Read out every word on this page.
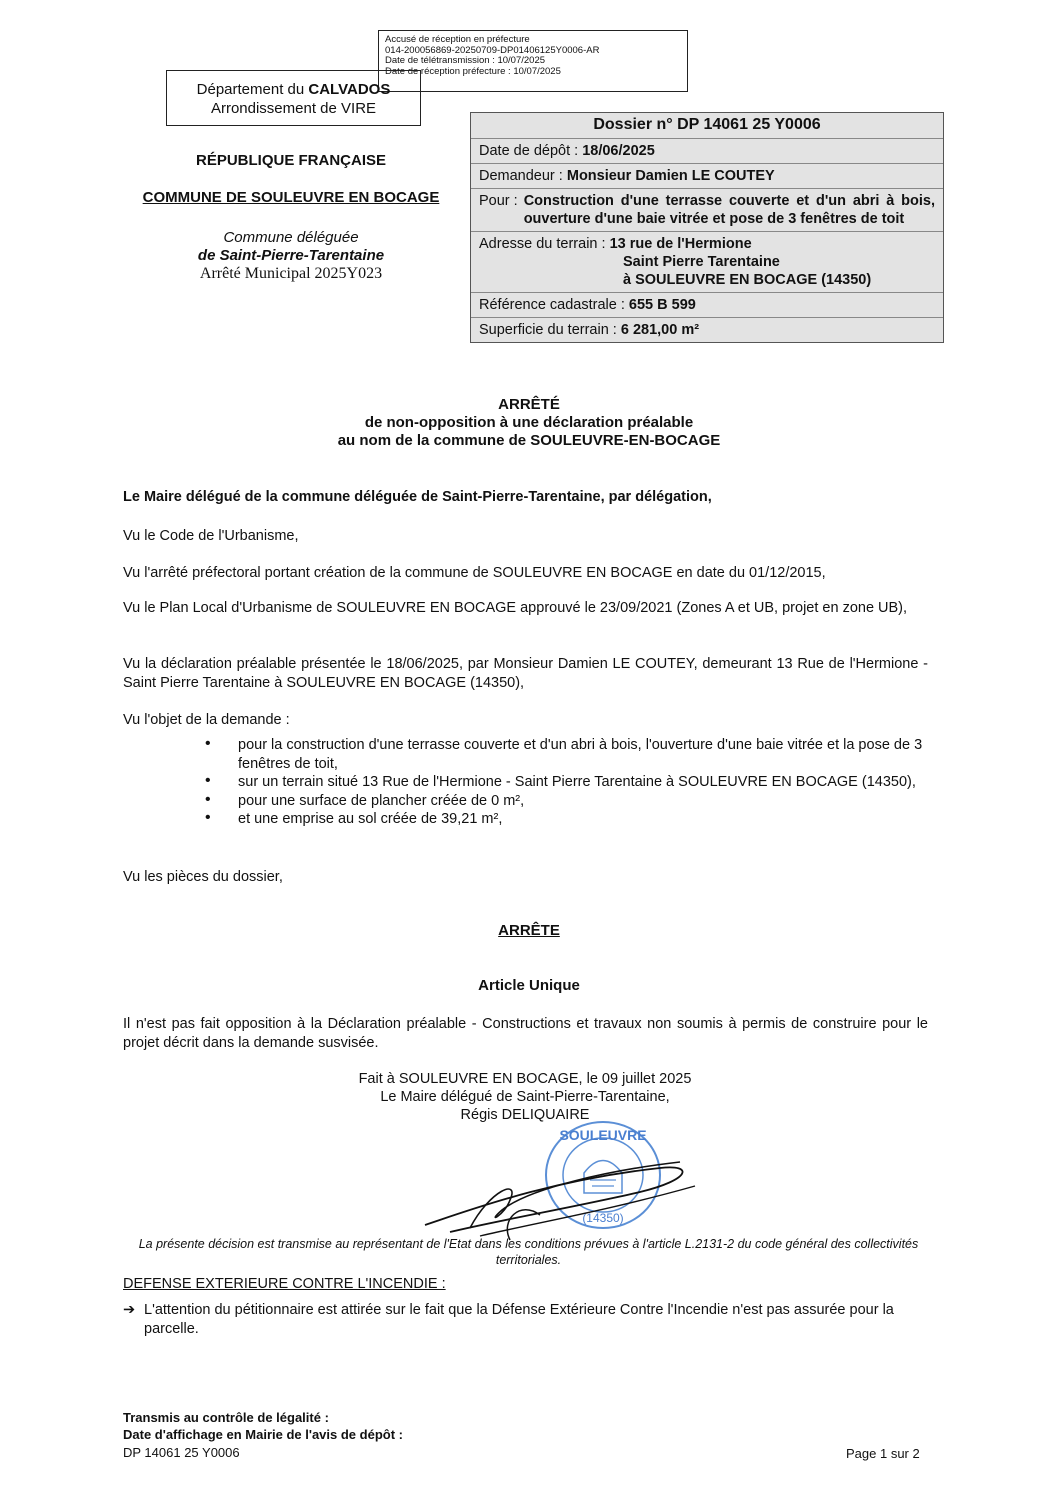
Accusé de réception en préfecture
014-200056869-20250709-DP01406125Y0006-AR
Date de télétransmission : 10/07/2025
Date de réception préfecture : 10/07/2025
Département du CALVADOS
Arrondissement de VIRE
RÉPUBLIQUE FRANÇAISE
COMMUNE DE SOULEUVRE EN BOCAGE
Commune déléguée
de Saint-Pierre-Tarentaine
Arrêté Municipal 2025Y023
Dossier n° DP 14061 25 Y0006
Date de dépôt : 18/06/2025
Demandeur : Monsieur Damien LE COUTEY
Pour : Construction d'une terrasse couverte et d'un abri à bois, ouverture d'une baie vitrée et pose de 3 fenêtres de toit
Adresse du terrain : 13 rue de l'Hermione
Saint Pierre Tarentaine
à SOULEUVRE EN BOCAGE (14350)
Référence cadastrale : 655 B 599
Superficie du terrain : 6 281,00 m²
ARRÊTÉ
de non-opposition à une déclaration préalable
au nom de la commune de SOULEUVRE-EN-BOCAGE
Le Maire délégué de la commune déléguée de Saint-Pierre-Tarentaine, par délégation,
Vu le Code de l'Urbanisme,
Vu l'arrêté préfectoral portant création de la commune de SOULEUVRE EN BOCAGE en date du 01/12/2015,
Vu le Plan Local d'Urbanisme de SOULEUVRE EN BOCAGE approuvé le 23/09/2021 (Zones A et UB, projet en zone UB),
Vu la déclaration préalable présentée le 18/06/2025, par Monsieur Damien LE COUTEY, demeurant 13 Rue de l'Hermione - Saint Pierre Tarentaine à SOULEUVRE EN BOCAGE (14350),
Vu l'objet de la demande :
• pour la construction d'une terrasse couverte et d'un abri à bois, l'ouverture d'une baie vitrée et la pose de 3 fenêtres de toit,
• sur un terrain situé 13 Rue de l'Hermione - Saint Pierre Tarentaine à SOULEUVRE EN BOCAGE (14350),
• pour une surface de plancher créée de 0 m²,
• et une emprise au sol créée de 39,21 m²,
Vu les pièces du dossier,
ARRÊTE
Article Unique
Il n'est pas fait opposition à la Déclaration préalable - Constructions et travaux non soumis à permis de construire pour le projet décrit dans la demande susvisée.
Fait à SOULEUVRE EN BOCAGE, le 09 juillet 2025
Le Maire délégué de Saint-Pierre-Tarentaine,
Régis DELIQUAIRE
SOULEUVRE
(14350)
La présente décision est transmise au représentant de l'Etat dans les conditions prévues à l'article L.2131-2 du code général des collectivités territoriales.
DEFENSE EXTERIEURE CONTRE L'INCENDIE :
➔ L'attention du pétitionnaire est attirée sur le fait que la Défense Extérieure Contre l'Incendie n'est pas assurée pour la parcelle.
Transmis au contrôle de légalité :
Date d'affichage en Mairie de l'avis de dépôt :
DP 14061 25 Y0006	Page 1 sur 2
